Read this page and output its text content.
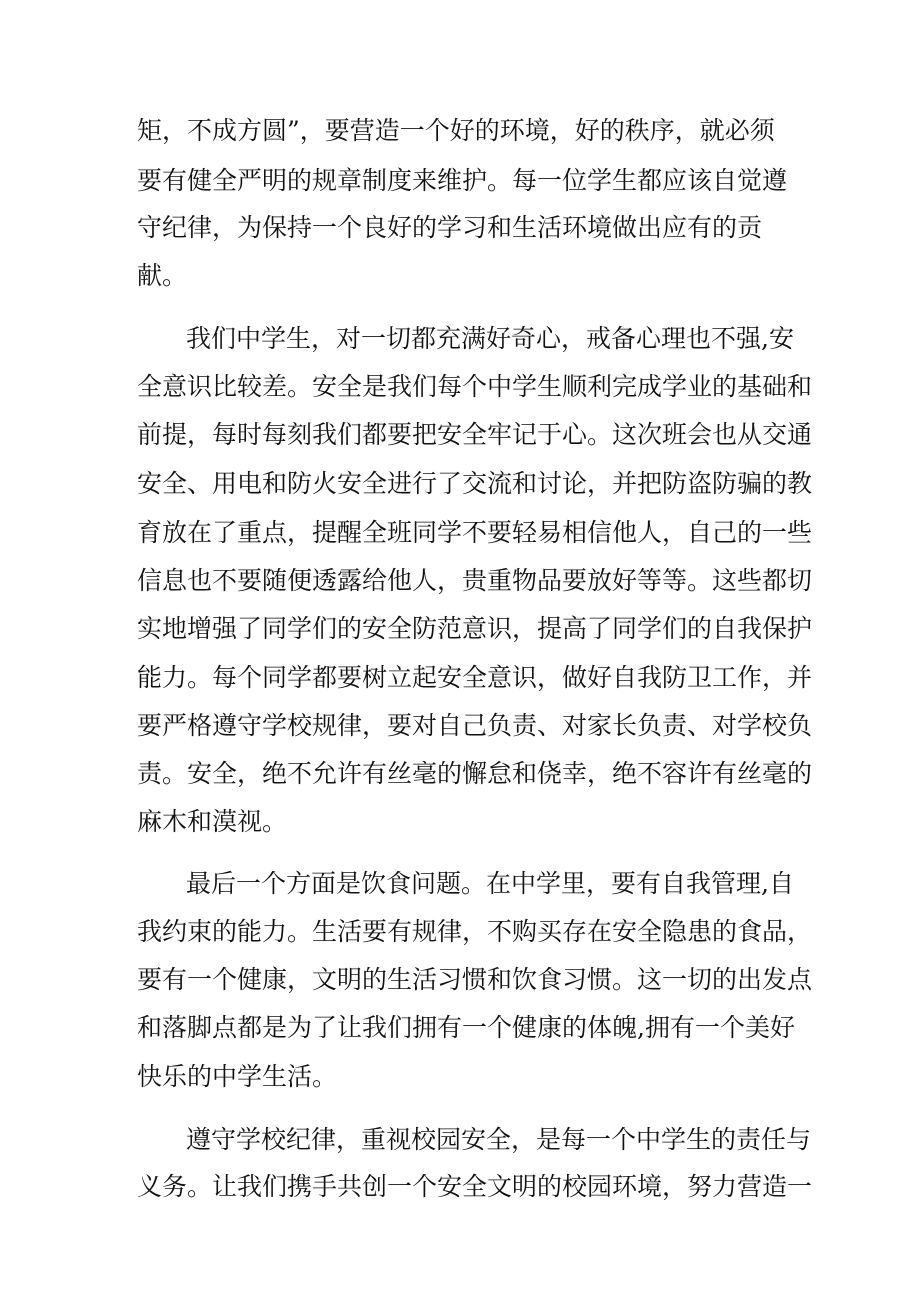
矩，不成方圆”，要营造一个好的环境，好的秩序，就必须
要有健全严明的规章制度来维护。每一位学生都应该自觉遵
守纪律，为保持一个良好的学习和生活环境做出应有的贡
献。
我们中学生，对一切都充满好奇心，戒备心理也不强,安
全意识比较差。安全是我们每个中学生顺利完成学业的基础和
前提，每时每刻我们都要把安全牢记于心。这次班会也从交通
安全、用电和防火安全进行了交流和讨论，并把防盗防骗的教
育放在了重点，提醒全班同学不要轻易相信他人，自己的一些
信息也不要随便透露给他人，贵重物品要放好等等。这些都切
实地增强了同学们的安全防范意识，提高了同学们的自我保护
能力。每个同学都要树立起安全意识，做好自我防卫工作，并
要严格遵守学校规律，要对自己负责、对家长负责、对学校负
责。安全，绝不允许有丝毫的懈怠和侥幸，绝不容许有丝毫的
麻木和漠视。
最后一个方面是饮食问题。在中学里，要有自我管理,自
我约束的能力。生活要有规律，不购买存在安全隐患的食品，
要有一个健康，文明的生活习惯和饮食习惯。这一切的出发点
和落脚点都是为了让我们拥有一个健康的体魄,拥有一个美好
快乐的中学生活。
遵守学校纪律，重视校园安全，是每一个中学生的责任与
义务。让我们携手共创一个安全文明的校园环境，努力营造一
